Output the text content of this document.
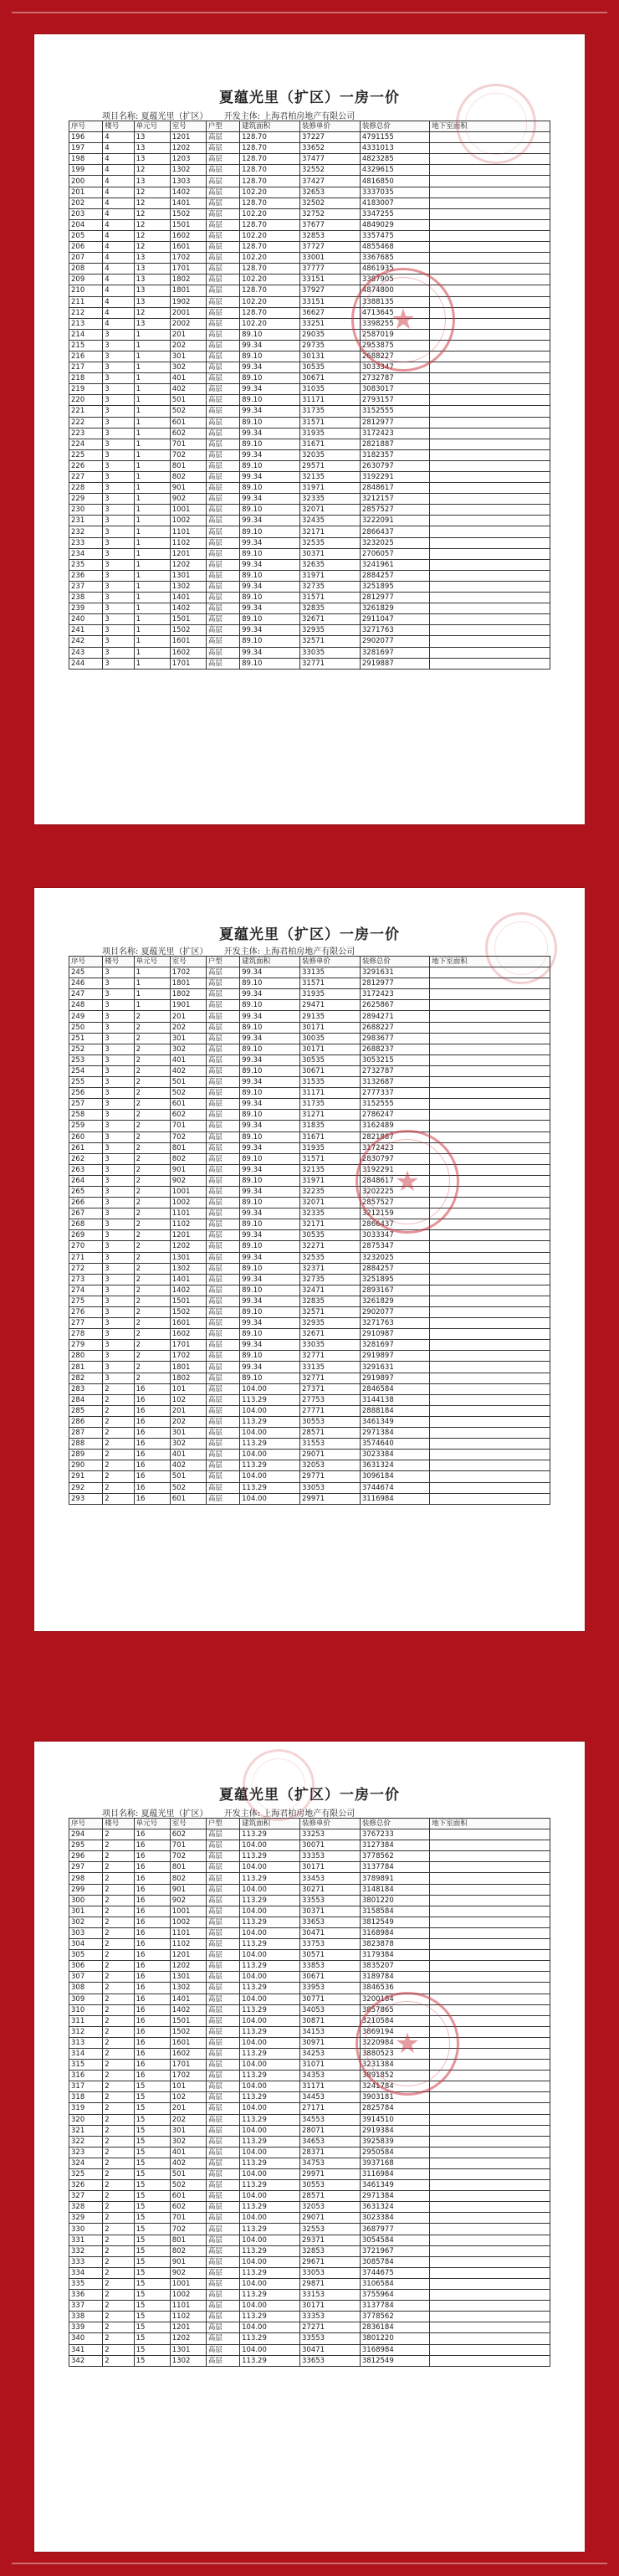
夏蕴光里（扩区）一房一价
项目名称: 夏蕴光里（扩区） 开发主体: 上海君柏房地产有限公司
序号	楼号	单元号	室号	户型	建筑面积	装修单价	装修总价	地下室面积
196	4	13	1201	高层	128.70	37227	4791155	
197	4	13	1202	高层	128.70	33652	4331013	
198	4	13	1203	高层	128.70	37477	4823285	
199	4	12	1302	高层	128.70	32552	4329615	
200	4	13	1303	高层	128.70	37427	4816850	
201	4	12	1402	高层	102.20	32653	3337035	
202	4	12	1401	高层	128.70	32502	4183007	
203	4	12	1502	高层	102.20	32752	3347255	
204	4	12	1501	高层	128.70	37677	4849029	
205	4	12	1602	高层	102.20	32853	3357475	
206	4	12	1601	高层	128.70	37727	4855468	
207	4	13	1702	高层	102.20	33001	3367685	
208	4	13	1701	高层	128.70	37777	4861935	
209	4	13	1802	高层	102.20	33151	3387905	
210	4	13	1801	高层	128.70	37927	4874800	
211	4	13	1902	高层	102.20	33151	3388135	
212	4	12	2001	高层	128.70	36627	4713645	
213	4	13	2002	高层	102.20	33251	3398255	
214	3	1	201	高层	89.10	29035	2587019	
215	3	1	202	高层	99.34	29735	2953875	
216	3	1	301	高层	89.10	30131	2688227	
217	3	1	302	高层	99.34	30535	3033347	
218	3	1	401	高层	89.10	30671	2732787	
219	3	1	402	高层	99.34	31035	3083017	
220	3	1	501	高层	89.10	31171	2793157	
221	3	1	502	高层	99.34	31735	3152555	
222	3	1	601	高层	89.10	31571	2812977	
223	3	1	602	高层	99.34	31935	3172423	
224	3	1	701	高层	89.10	31671	2821887	
225	3	1	702	高层	99.34	32035	3182357	
226	3	1	801	高层	89.10	29571	2630797	
227	3	1	802	高层	99.34	32135	3192291	
228	3	1	901	高层	89.10	31971	2848617	
229	3	1	902	高层	99.34	32335	3212157	
230	3	1	1001	高层	89.10	32071	2857527	
231	3	1	1002	高层	99.34	32435	3222091	
232	3	1	1101	高层	89.10	32171	2866437	
233	3	1	1102	高层	99.34	32535	3232025	
234	3	1	1201	高层	89.10	30371	2706057	
235	3	1	1202	高层	99.34	32635	3241961	
236	3	1	1301	高层	89.10	31971	2884257	
237	3	1	1302	高层	99.34	32735	3251895	
238	3	1	1401	高层	89.10	31571	2812977	
239	3	1	1402	高层	99.34	32835	3261829	
240	3	1	1501	高层	89.10	32671	2911047	
241	3	1	1502	高层	99.34	32935	3271763	
242	3	1	1601	高层	89.10	32571	2902077	
243	3	1	1602	高层	99.34	33035	3281697	
244	3	1	1701	高层	89.10	32771	2919887	
★
夏蕴光里（扩区）一房一价
项目名称: 夏蕴光里（扩区） 开发主体: 上海君柏房地产有限公司
序号	楼号	单元号	室号	户型	建筑面积	装修单价	装修总价	地下室面积
245	3	1	1702	高层	99.34	33135	3291631	
246	3	1	1801	高层	89.10	31571	2812977	
247	3	1	1802	高层	99.34	31935	3172423	
248	3	1	1901	高层	89.10	29471	2625867	
249	3	2	201	高层	99.34	29135	2894271	
250	3	2	202	高层	89.10	30171	2688227	
251	3	2	301	高层	99.34	30035	2983677	
252	3	2	302	高层	89.10	30171	2688237	
253	3	2	401	高层	99.34	30535	3053215	
254	3	2	402	高层	89.10	30671	2732787	
255	3	2	501	高层	99.34	31535	3132687	
256	3	2	502	高层	89.10	31171	2777337	
257	3	2	601	高层	99.34	31735	3152555	
258	3	2	602	高层	89.10	31271	2786247	
259	3	2	701	高层	99.34	31835	3162489	
260	3	2	702	高层	89.10	31671	2821887	
261	3	2	801	高层	99.34	31935	3172423	
262	3	2	802	高层	89.10	31571	2830797	
263	3	2	901	高层	99.34	32135	3192291	
264	3	2	902	高层	89.10	31971	2848617	
265	3	2	1001	高层	99.34	32235	3202225	
266	3	2	1002	高层	89.10	32071	2857527	
267	3	2	1101	高层	99.34	32335	3212159	
268	3	2	1102	高层	89.10	32171	2866437	
269	3	2	1201	高层	99.34	30535	3033347	
270	3	2	1202	高层	89.10	32271	2875347	
271	3	2	1301	高层	99.34	32535	3232025	
272	3	2	1302	高层	89.10	32371	2884257	
273	3	2	1401	高层	99.34	32735	3251895	
274	3	2	1402	高层	89.10	32471	2893167	
275	3	2	1501	高层	99.34	32835	3261829	
276	3	2	1502	高层	89.10	32571	2902077	
277	3	2	1601	高层	99.34	32935	3271763	
278	3	2	1602	高层	89.10	32671	2910987	
279	3	2	1701	高层	99.34	33035	3281697	
280	3	2	1702	高层	89.10	32771	2919897	
281	3	2	1801	高层	99.34	33135	3291631	
282	3	2	1802	高层	89.10	32771	2919897	
283	2	16	101	高层	104.00	27371	2846584	
284	2	16	102	高层	113.29	27753	3144138	
285	2	16	201	高层	104.00	27771	2888184	
286	2	16	202	高层	113.29	30553	3461349	
287	2	16	301	高层	104.00	28571	2971384	
288	2	16	302	高层	113.29	31553	3574640	
289	2	16	401	高层	104.00	29071	3023384	
290	2	16	402	高层	113.29	32053	3631324	
291	2	16	501	高层	104.00	29771	3096184	
292	2	16	502	高层	113.29	33053	3744674	
293	2	16	601	高层	104.00	29971	3116984	
★
夏蕴光里（扩区）一房一价
项目名称: 夏蕴光里（扩区） 开发主体: 上海君柏房地产有限公司
序号	楼号	单元号	室号	户型	建筑面积	装修单价	装修总价	地下室面积
294	2	16	602	高层	113.29	33253	3767233	
295	2	16	701	高层	104.00	30071	3127384	
296	2	16	702	高层	113.29	33353	3778562	
297	2	16	801	高层	104.00	30171	3137784	
298	2	16	802	高层	113.29	33453	3789891	
299	2	16	901	高层	104.00	30271	3148184	
300	2	16	902	高层	113.29	33553	3801220	
301	2	16	1001	高层	104.00	30371	3158584	
302	2	16	1002	高层	113.29	33653	3812549	
303	2	16	1101	高层	104.00	30471	3168984	
304	2	16	1102	高层	113.29	33753	3823878	
305	2	16	1201	高层	104.00	30571	3179384	
306	2	16	1202	高层	113.29	33853	3835207	
307	2	16	1301	高层	104.00	30671	3189784	
308	2	16	1302	高层	113.29	33953	3846536	
309	2	16	1401	高层	104.00	30771	3200184	
310	2	16	1402	高层	113.29	34053	3857865	
311	2	16	1501	高层	104.00	30871	3210584	
312	2	16	1502	高层	113.29	34153	3869194	
313	2	16	1601	高层	104.00	30971	3220984	
314	2	16	1602	高层	113.29	34253	3880523	
315	2	16	1701	高层	104.00	31071	3231384	
316	2	16	1702	高层	113.29	34353	3891852	
317	2	15	101	高层	104.00	31171	3241784	
318	2	15	102	高层	113.29	34453	3903181	
319	2	15	201	高层	104.00	27171	2825784	
320	2	15	202	高层	113.29	34553	3914510	
321	2	15	301	高层	104.00	28071	2919384	
322	2	15	302	高层	113.29	34653	3925839	
323	2	15	401	高层	104.00	28371	2950584	
324	2	15	402	高层	113.29	34753	3937168	
325	2	15	501	高层	104.00	29971	3116984	
326	2	15	502	高层	113.29	30553	3461349	
327	2	15	601	高层	104.00	28571	2971384	
328	2	15	602	高层	113.29	32053	3631324	
329	2	15	701	高层	104.00	29071	3023384	
330	2	15	702	高层	113.29	32553	3687977	
331	2	15	801	高层	104.00	29371	3054584	
332	2	15	802	高层	113.29	32853	3721967	
333	2	15	901	高层	104.00	29671	3085784	
334	2	15	902	高层	113.29	33053	3744675	
335	2	15	1001	高层	104.00	29871	3106584	
336	2	15	1002	高层	113.29	33153	3755964	
337	2	15	1101	高层	104.00	30171	3137784	
338	2	15	1102	高层	113.29	33353	3778562	
339	2	15	1201	高层	104.00	27271	2836184	
340	2	15	1202	高层	113.29	33553	3801220	
341	2	15	1301	高层	104.00	30471	3168984	
342	2	15	1302	高层	113.29	33653	3812549	
★
